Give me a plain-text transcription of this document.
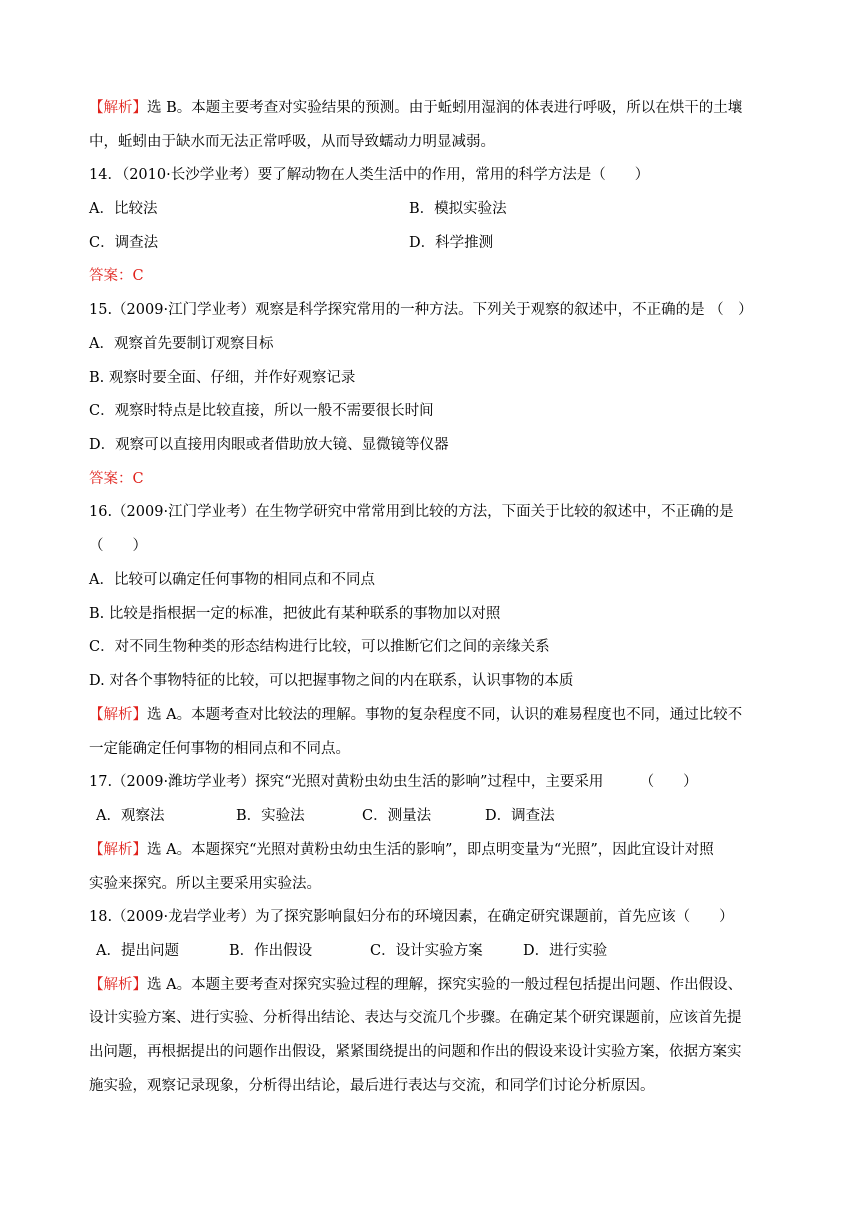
【解析】选 B。本题主要考查对实验结果的预测。由于蚯蚓用湿润的体表进行呼吸，所以在烘干的土壤
中，蚯蚓由于缺水而无法正常呼吸，从而导致蠕动力明显减弱。
14．（2010·长沙学业考）要了解动物在人类生活中的作用，常用的科学方法是（　　）
A．比较法	B．模拟实验法
C．调查法	D．科学推测
答案：C
15.（2009·江门学业考）观察是科学探究常用的一种方法。下列关于观察的叙述中，不正确的是 （　）
A．观察首先要制订观察目标
B. 观察时要全面、仔细，并作好观察记录
C．观察时特点是比较直接，所以一般不需要很长时间
D．观察可以直接用肉眼或者借助放大镜、显微镜等仪器
答案：C
16.（2009·江门学业考）在生物学研究中常常用到比较的方法，下面关于比较的叙述中，不正确的是
（　　）
A．比较可以确定任何事物的相同点和不同点
B. 比较是指根据一定的标准，把彼此有某种联系的事物加以对照
C．对不同生物种类的形态结构进行比较，可以推断它们之间的亲缘关系
D. 对各个事物特征的比较，可以把握事物之间的内在联系，认识事物的本质
【解析】选 A。本题考查对比较法的理解。事物的复杂程度不同，认识的难易程度也不同，通过比较不
一定能确定任何事物的相同点和不同点。
17.（2009·潍坊学业考）探究“光照对黄粉虫幼虫生活的影响”过程中，主要采用　　　（　　）
A．观察法	B．实验法	C．测量法	D．调查法
【解析】选 A。本题探究“光照对黄粉虫幼虫生活的影响”，即点明变量为“光照”，因此宜设计对照
实验来探究。所以主要采用实验法。
18.（2009·龙岩学业考）为了探究影响鼠妇分布的环境因素，在确定研究课题前，首先应该（　　）
A．提出问题	B．作出假设	C．设计实验方案	D．进行实验
【解析】选 A。本题主要考查对探究实验过程的理解，探究实验的一般过程包括提出问题、作出假设、
设计实验方案、进行实验、分析得出结论、表达与交流几个步骤。在确定某个研究课题前，应该首先提
出问题，再根据提出的问题作出假设，紧紧围绕提出的问题和作出的假设来设计实验方案，依据方案实
施实验，观察记录现象，分析得出结论，最后进行表达与交流，和同学们讨论分析原因。
